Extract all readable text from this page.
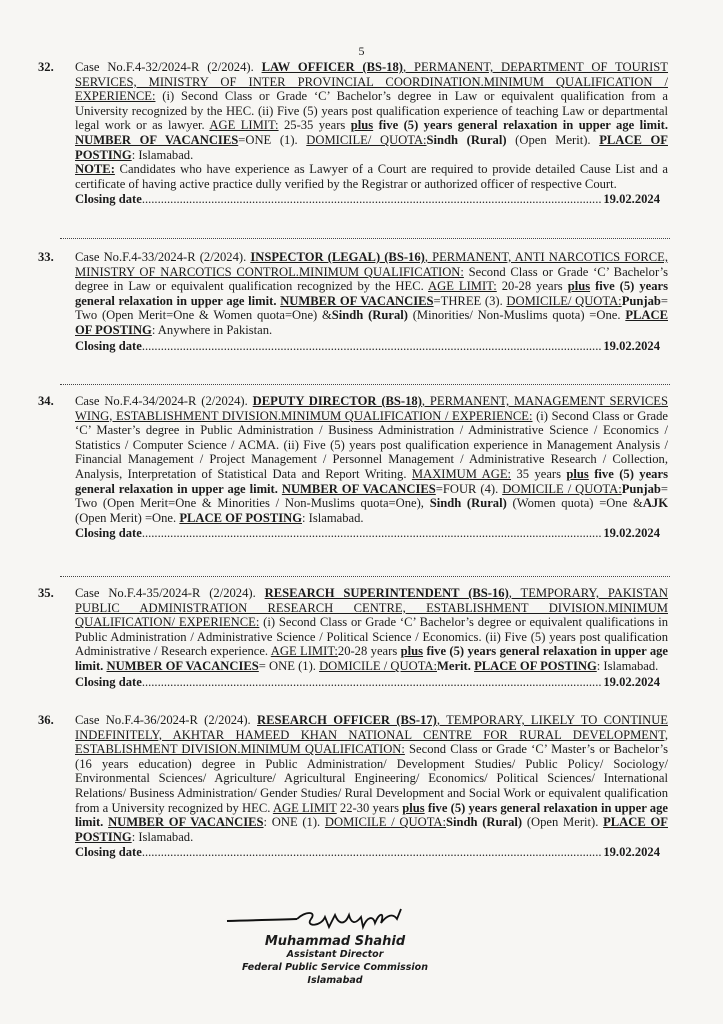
5
32. Case No.F.4-32/2024-R (2/2024). LAW OFFICER (BS-18), PERMANENT, DEPARTMENT OF TOURIST SERVICES, MINISTRY OF INTER PROVINCIAL COORDINATION.MINIMUM QUALIFICATION / EXPERIENCE: (i) Second Class or Grade ‘C’ Bachelor’s degree in Law or equivalent qualification from a University recognized by the HEC. (ii) Five (5) years post qualification experience of teaching Law or departmental legal work or as lawyer. AGE LIMIT: 25-35 years plus five (5) years general relaxation in upper age limit. NUMBER OF VACANCIES=ONE (1). DOMICILE/ QUOTA:Sindh (Rural) (Open Merit). PLACE OF POSTING: Islamabad.
NOTE: Candidates who have experience as Lawyer of a Court are required to provide detailed Cause List and a certificate of having active practice dully verified by the Registrar or authorized officer of respective Court.
Closing date .....	19.02.2024
33. Case No.F.4-33/2024-R (2/2024). INSPECTOR (LEGAL) (BS-16), PERMANENT, ANTI NARCOTICS FORCE, MINISTRY OF NARCOTICS CONTROL.MINIMUM QUALIFICATION: Second Class or Grade ‘C’ Bachelor’s degree in Law or equivalent qualification recognized by the HEC. AGE LIMIT: 20-28 years plus five (5) years general relaxation in upper age limit. NUMBER OF VACANCIES=THREE (3). DOMICILE/ QUOTA:Punjab= Two (Open Merit=One & Women quota=One) &Sindh (Rural) (Minorities/ Non-Muslims quota) =One. PLACE OF POSTING: Anywhere in Pakistan.
Closing date .....	19.02.2024
34. Case No.F.4-34/2024-R (2/2024). DEPUTY DIRECTOR (BS-18), PERMANENT, MANAGEMENT SERVICES WING, ESTABLISHMENT DIVISION.MINIMUM QUALIFICATION / EXPERIENCE: (i) Second Class or Grade ‘C’ Master’s degree in Public Administration / Business Administration / Administrative Science / Economics / Statistics / Computer Science / ACMA. (ii) Five (5) years post qualification experience in Management Analysis / Financial Management / Project Management / Personnel Management / Administrative Research / Collection, Analysis, Interpretation of Statistical Data and Report Writing. MAXIMUM AGE: 35 years plus five (5) years general relaxation in upper age limit. NUMBER OF VACANCIES=FOUR (4). DOMICILE / QUOTA:Punjab= Two (Open Merit=One & Minorities / Non-Muslims quota=One), Sindh (Rural) (Women quota) =One &AJK (Open Merit) =One. PLACE OF POSTING: Islamabad.
Closing date .....	19.02.2024
35. Case No.F.4-35/2024-R (2/2024). RESEARCH SUPERINTENDENT (BS-16), TEMPORARY, PAKISTAN PUBLIC ADMINISTRATION RESEARCH CENTRE, ESTABLISHMENT DIVISION.MINIMUM QUALIFICATION/ EXPERIENCE: (i) Second Class or Grade ‘C’ Bachelor’s degree or equivalent qualifications in Public Administration / Administrative Science / Political Science / Economics. (ii) Five (5) years post qualification Administrative / Research experience. AGE LIMIT:20-28 years plus five (5) years general relaxation in upper age limit. NUMBER OF VACANCIES= ONE (1). DOMICILE / QUOTA:Merit. PLACE OF POSTING: Islamabad.
Closing date .....	19.02.2024
36. Case No.F.4-36/2024-R (2/2024). RESEARCH OFFICER (BS-17), TEMPORARY, LIKELY TO CONTINUE INDEFINITELY, AKHTAR HAMEED KHAN NATIONAL CENTRE FOR RURAL DEVELOPMENT, ESTABLISHMENT DIVISION.MINIMUM QUALIFICATION: Second Class or Grade ‘C’ Master’s or Bachelor’s (16 years education) degree in Public Administration/ Development Studies/ Public Policy/ Sociology/ Environmental Sciences/ Agriculture/ Agricultural Engineering/ Economics/ Political Sciences/ International Relations/ Business Administration/ Gender Studies/ Rural Development and Social Work or equivalent qualification from a University recognized by HEC. AGE LIMIT 22-30 years plus five (5) years general relaxation in upper age limit. NUMBER OF VACANCIES: ONE (1). DOMICILE / QUOTA:Sindh (Rural) (Open Merit). PLACE OF POSTING: Islamabad.
Closing date .....	19.02.2024
Muhammad Shahid
Assistant Director
Federal Public Service Commission
Islamabad
